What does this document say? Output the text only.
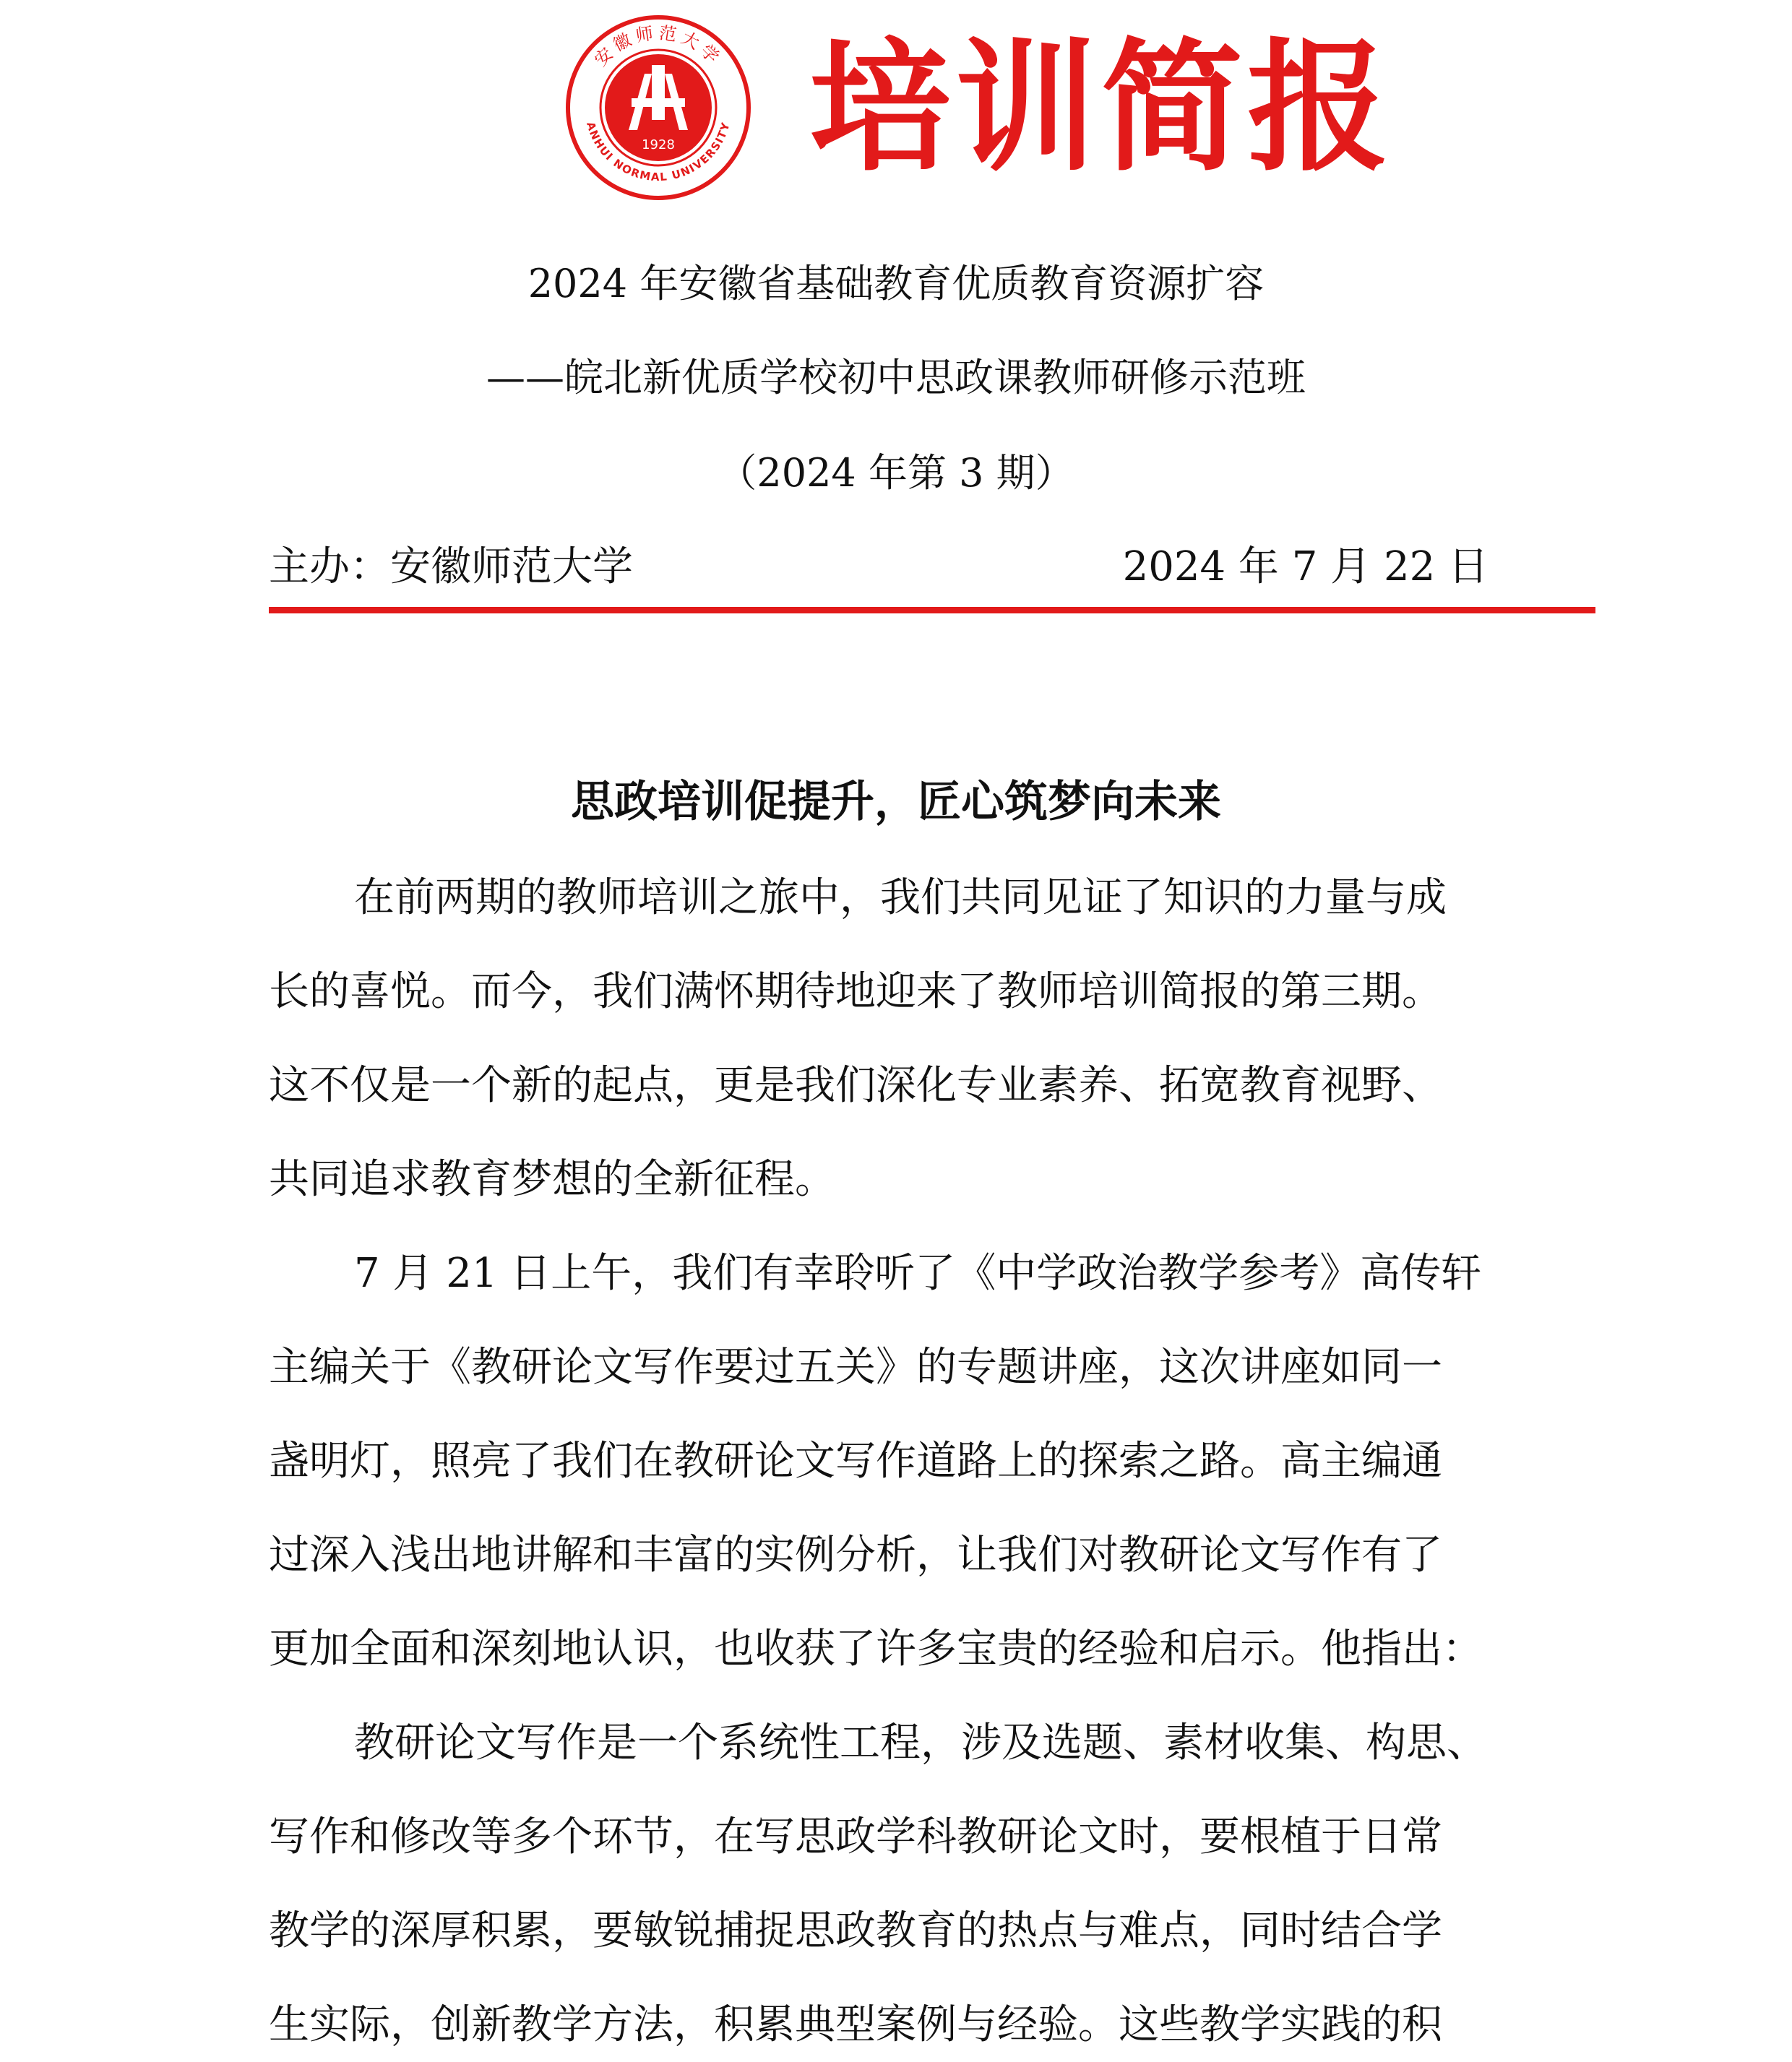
安徽师范大学
ANHUI NORMAL UNIVERSITY
1928 培训简报
2024 年安徽省基础教育优质教育资源扩容
——皖北新优质学校初中思政课教师研修示范班
（2024 年第 3 期）
主办：安徽师范大学	2024 年 7 月 22 日
思政培训促提升，匠心筑梦向未来
在前两期的教师培训之旅中，我们共同见证了知识的力量与成
长的喜悦。而今，我们满怀期待地迎来了教师培训简报的第三期。
这不仅是一个新的起点，更是我们深化专业素养、拓宽教育视野、
共同追求教育梦想的全新征程。
7 月 21 日上午，我们有幸聆听了《中学政治教学参考》高传轩
主编关于《教研论文写作要过五关》的专题讲座，这次讲座如同一
盏明灯，照亮了我们在教研论文写作道路上的探索之路。高主编通
过深入浅出地讲解和丰富的实例分析，让我们对教研论文写作有了
更加全面和深刻地认识，也收获了许多宝贵的经验和启示。他指出：
教研论文写作是一个系统性工程，涉及选题、素材收集、构思、
写作和修改等多个环节，在写思政学科教研论文时，要根植于日常
教学的深厚积累，要敏锐捕捉思政教育的热点与难点，同时结合学
生实际，创新教学方法，积累典型案例与经验。这些教学实践的积
